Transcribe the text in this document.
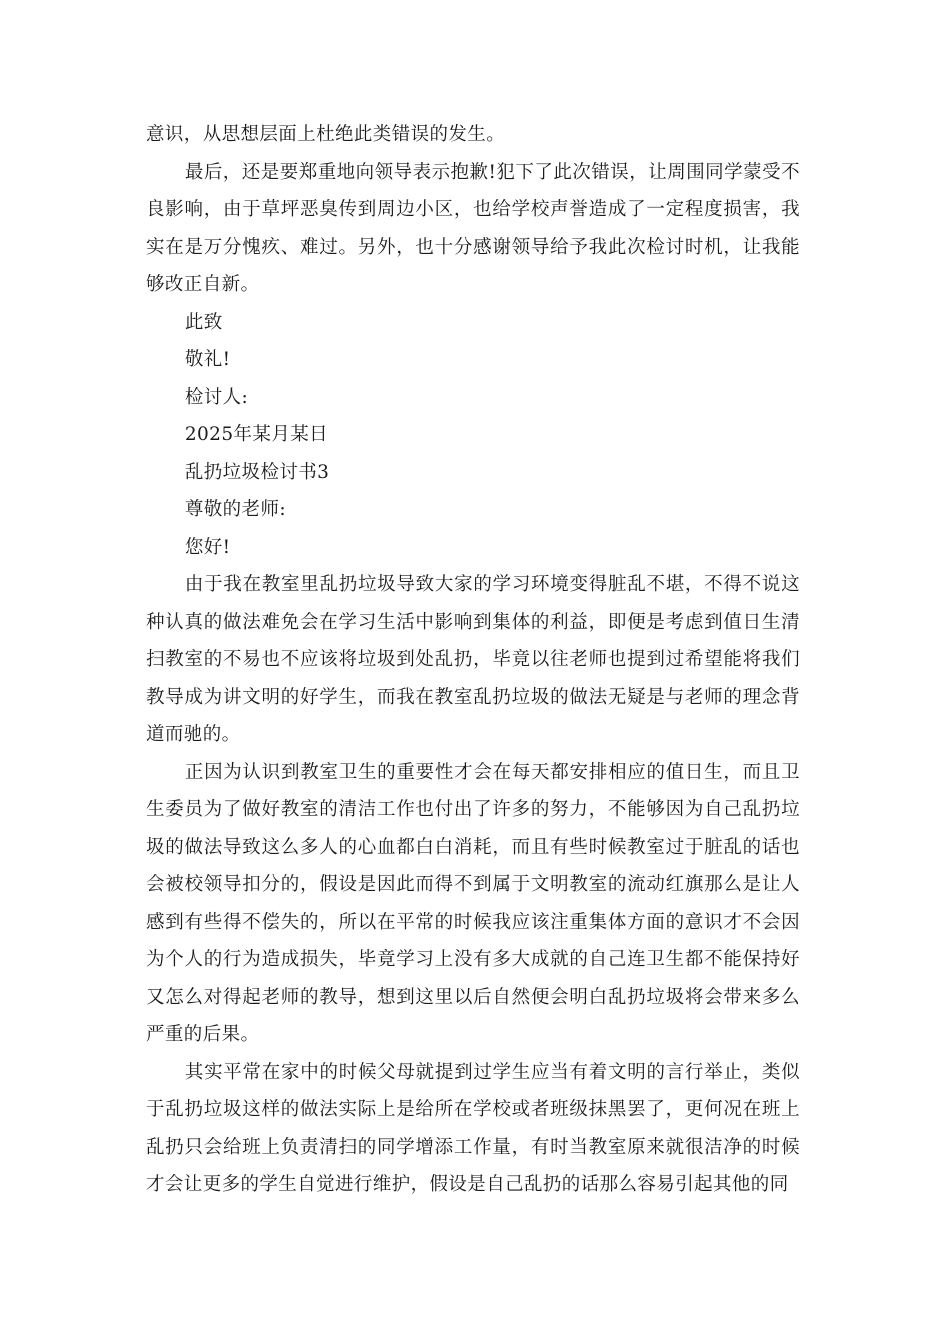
意识，从思想层面上杜绝此类错误的发生。

最后，还是要郑重地向领导表示抱歉!犯下了此次错误，让周围同学蒙受不良影响，由于草坪恶臭传到周边小区，也给学校声誉造成了一定程度损害，我实在是万分愧疚、难过。另外，也十分感谢领导给予我此次检讨时机，让我能够改正自新。

此致

敬礼!

检讨人:

2025年某月某日

乱扔垃圾检讨书3

尊敬的老师:

您好!

由于我在教室里乱扔垃圾导致大家的学习环境变得脏乱不堪，不得不说这种认真的做法难免会在学习生活中影响到集体的利益，即便是考虑到值日生清扫教室的不易也不应该将垃圾到处乱扔，毕竟以往老师也提到过希望能将我们教导成为讲文明的好学生，而我在教室乱扔垃圾的做法无疑是与老师的理念背道而驰的。

正因为认识到教室卫生的重要性才会在每天都安排相应的值日生，而且卫生委员为了做好教室的清洁工作也付出了许多的努力，不能够因为自己乱扔垃圾的做法导致这么多人的心血都白白消耗，而且有些时候教室过于脏乱的话也会被校领导扣分的，假设是因此而得不到属于文明教室的流动红旗那么是让人感到有些得不偿失的，所以在平常的时候我应该注重集体方面的意识才不会因为个人的行为造成损失，毕竟学习上没有多大成就的自己连卫生都不能保持好又怎么对得起老师的教导，想到这里以后自然便会明白乱扔垃圾将会带来多么严重的后果。

其实平常在家中的时候父母就提到过学生应当有着文明的言行举止，类似于乱扔垃圾这样的做法实际上是给所在学校或者班级抹黑罢了，更何况在班上乱扔只会给班上负责清扫的同学增添工作量，有时当教室原来就很洁净的时候才会让更多的学生自觉进行维护，假设是自己乱扔的话那么容易引起其他的同
